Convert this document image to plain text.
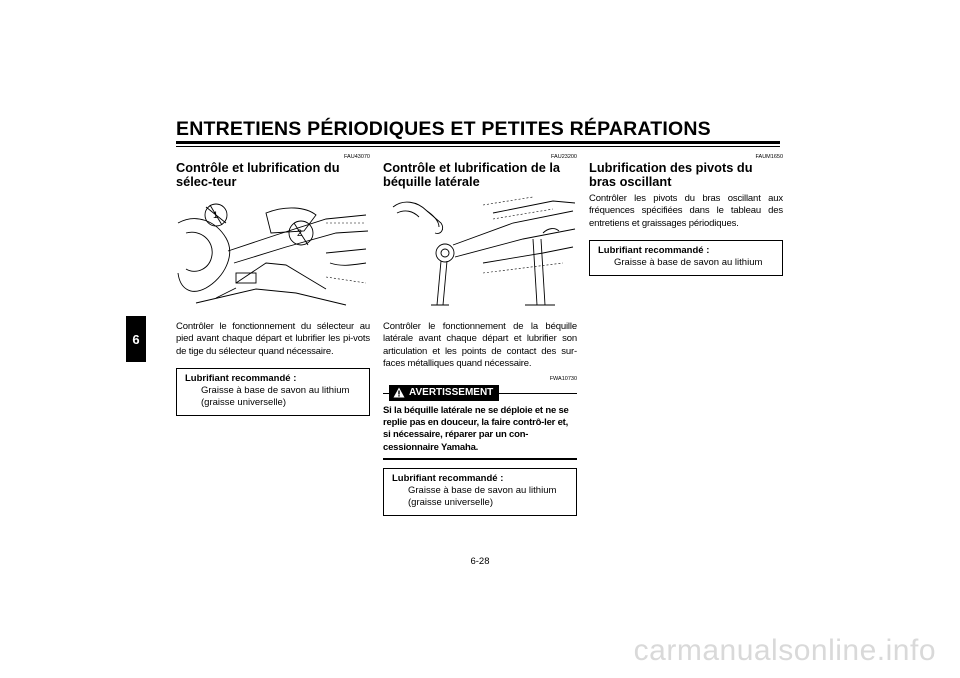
ENTRETIENS PÉRIODIQUES ET PETITES RÉPARATIONS
6
FAU43070
Contrôle et lubrification du sélec-teur
1
2

Contrôler le fonctionnement du sélecteur au pied avant chaque départ et lubrifier les pi-vots de tige du sélecteur quand nécessaire.

Lubrifiant recommandé :
Graisse à base de savon au lithium
(graisse universelle)
FAU23200
Contrôle et lubrification de la béquille latérale

Contrôler le fonctionnement de la béquille latérale avant chaque départ et lubrifier son articulation et les points de contact des sur-faces métalliques quand nécessaire.

FWA10730
AVERTISSEMENT

Si la béquille latérale ne se déploie et ne se replie pas en douceur, la faire contrô-ler et, si nécessaire, réparer par un con-cessionnaire Yamaha.

Lubrifiant recommandé :
Graisse à base de savon au lithium
(graisse universelle)
FAUM1650
Lubrification des pivots du bras oscillant

Contrôler les pivots du bras oscillant aux fréquences spécifiées dans le tableau des entretiens et graissages périodiques.

Lubrifiant recommandé :
Graisse à base de savon au lithium
6-28
carmanualsonline.info
